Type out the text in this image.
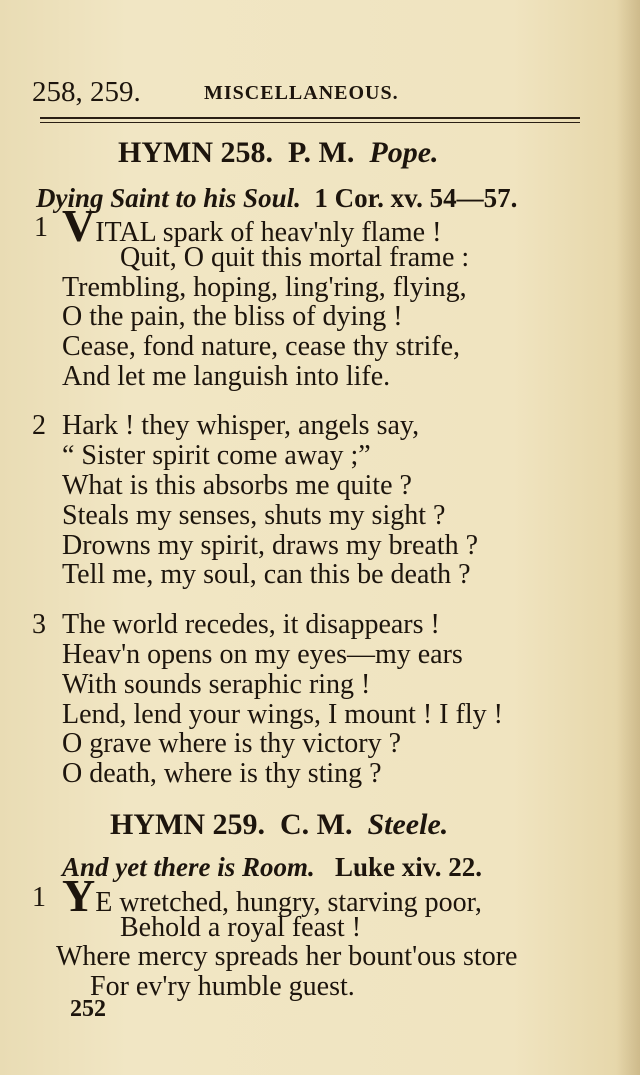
258, 259.	MISCELLANEOUS.
HYMN 258. P. M. Pope.
Dying Saint to his Soul. 1 Cor. xv. 54—57.
1 VITAL spark of heav'nly flame !
Quit, O quit this mortal frame :
Trembling, hoping, ling'ring, flying,
O the pain, the bliss of dying !
Cease, fond nature, cease thy strife,
And let me languish into life.
2 Hark ! they whisper, angels say,
“ Sister spirit come away ;”
What is this absorbs me quite ?
Steals my senses, shuts my sight ?
Drowns my spirit, draws my breath ?
Tell me, my soul, can this be death ?
3 The world recedes, it disappears !
Heav'n opens on my eyes—my ears
With sounds seraphic ring !
Lend, lend your wings, I mount ! I fly !
O grave where is thy victory ?
O death, where is thy sting ?
HYMN 259. C. M. Steele.
And yet there is Room. Luke xiv. 22.
1 YE wretched, hungry, starving poor,
Behold a royal feast !
Where mercy spreads her bount'ous store
For ev'ry humble guest.
252
